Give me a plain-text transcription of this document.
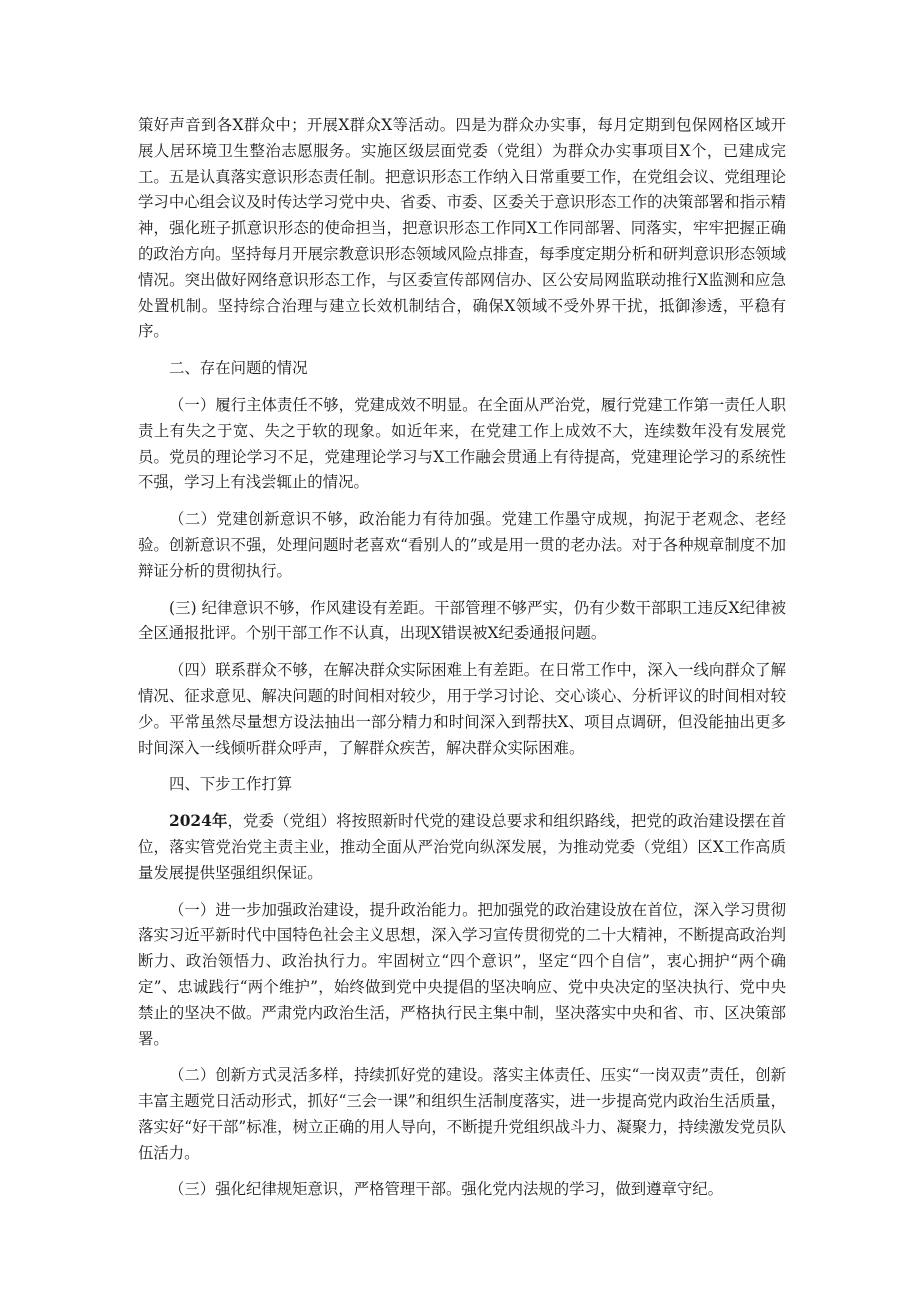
策好声音到各X群众中；开展X群众X等活动。四是为群众办实事，每月定期到包保网格区域开展人居环境卫生整治志愿服务。实施区级层面党委（党组）为群众办实事项目X个，已建成完工。五是认真落实意识形态责任制。把意识形态工作纳入日常重要工作，在党组会议、党组理论学习中心组会议及时传达学习党中央、省委、市委、区委关于意识形态工作的决策部署和指示精神，强化班子抓意识形态的使命担当，把意识形态工作同X工作同部署、同落实，牢牢把握正确的政治方向。坚持每月开展宗教意识形态领域风险点排查，每季度定期分析和研判意识形态领域情况。突出做好网络意识形态工作，与区委宣传部网信办、区公安局网监联动推行X监测和应急处置机制。坚持综合治理与建立长效机制结合，确保X领域不受外界干扰，抵御渗透，平稳有序。

二、存在问题的情况

（一）履行主体责任不够，党建成效不明显。在全面从严治党，履行党建工作第一责任人职责上有失之于宽、失之于软的现象。如近年来，在党建工作上成效不大，连续数年没有发展党员。党员的理论学习不足，党建理论学习与X工作融会贯通上有待提高，党建理论学习的系统性不强，学习上有浅尝辄止的情况。

（二）党建创新意识不够，政治能力有待加强。党建工作墨守成规，拘泥于老观念、老经验。创新意识不强，处理问题时老喜欢“看别人的”或是用一贯的老办法。对于各种规章制度不加辩证分析的贯彻执行。

(三) 纪律意识不够，作风建设有差距。干部管理不够严实，仍有少数干部职工违反X纪律被全区通报批评。个别干部工作不认真，出现X错误被X纪委通报问题。

（四）联系群众不够，在解决群众实际困难上有差距。在日常工作中，深入一线向群众了解情况、征求意见、解决问题的时间相对较少，用于学习讨论、交心谈心、分析评议的时间相对较少。平常虽然尽量想方设法抽出一部分精力和时间深入到帮扶X、项目点调研，但没能抽出更多时间深入一线倾听群众呼声，了解群众疾苦，解决群众实际困难。

四、下步工作打算

2024年，党委（党组）将按照新时代党的建设总要求和组织路线，把党的政治建设摆在首位，落实管党治党主责主业，推动全面从严治党向纵深发展，为推动党委（党组）区X工作高质量发展提供坚强组织保证。

（一）进一步加强政治建设，提升政治能力。把加强党的政治建设放在首位，深入学习贯彻落实习近平新时代中国特色社会主义思想，深入学习宣传贯彻党的二十大精神，不断提高政治判断力、政治领悟力、政治执行力。牢固树立“四个意识”，坚定“四个自信”，衷心拥护“两个确定”、忠诚践行“两个维护”，始终做到党中央提倡的坚决响应、党中央决定的坚决执行、党中央禁止的坚决不做。严肃党内政治生活，严格执行民主集中制，坚决落实中央和省、市、区决策部署。

（二）创新方式灵活多样，持续抓好党的建设。落实主体责任、压实“一岗双责”责任，创新丰富主题党日活动形式，抓好“三会一课”和组织生活制度落实，进一步提高党内政治生活质量，落实好“好干部”标准，树立正确的用人导向，不断提升党组织战斗力、凝聚力，持续激发党员队伍活力。

（三）强化纪律规矩意识，严格管理干部。强化党内法规的学习，做到遵章守纪。
